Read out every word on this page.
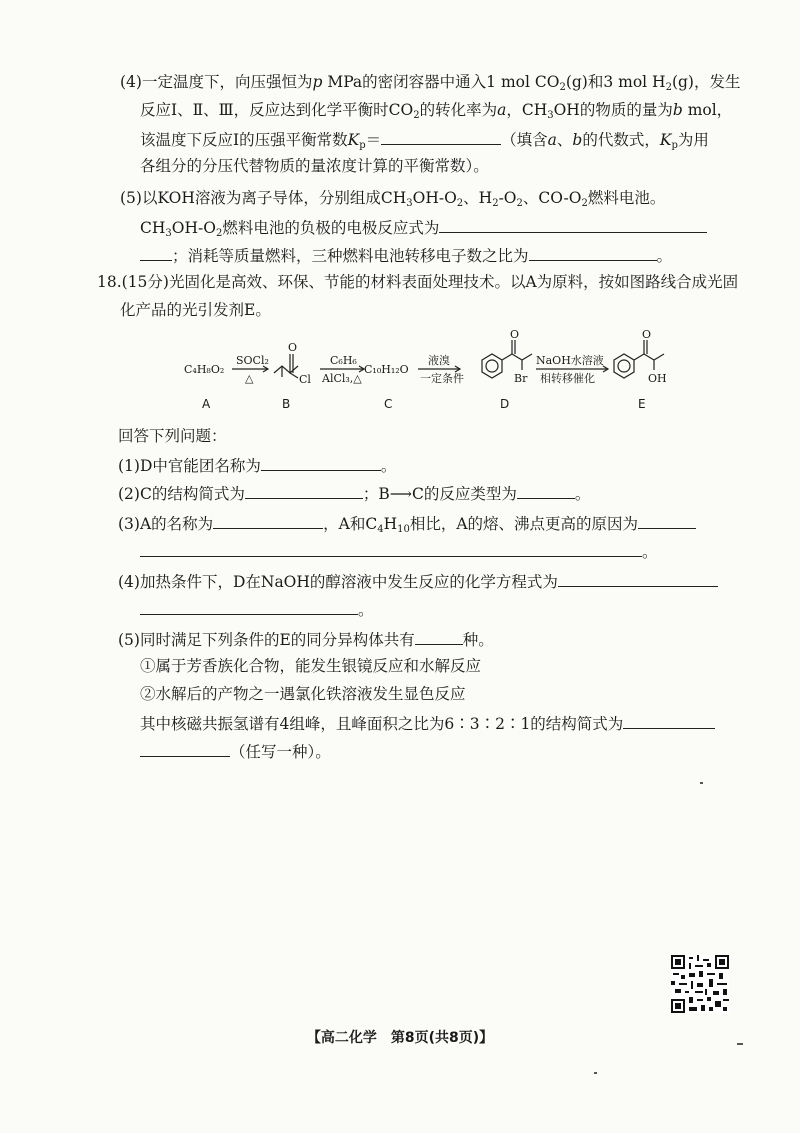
(4)一定温度下，向压强恒为p MPa的密闭容器中通入1 mol $CO_2(g)$和3 mol $H_2(g)$，发生
反应Ⅰ、Ⅱ、Ⅲ，反应达到化学平衡时$CO_2$的转化率为a，$CH_3OH$的物质的量为b mol，
该温度下反应Ⅰ的压强平衡常数$K_p=$	（填含a、b的代数式，$K_p$为用
各组分的分压代替物质的量浓度计算的平衡常数）。
(5)以KOH溶液为离子导体，分别组成$CH_3OH-O_2$、$H_2-O_2$、$CO-O_2$燃料电池。
$CH_3OH-O_2$燃料电池的负极的电极反应式为
；消耗等质量燃料，三种燃料电池转移电子数之比为	。
18.(15分)光固化是高效、环保、节能的材料表面处理技术。以A为原料，按如图路线合成光固
化产品的光引发剂E。
C₄H₈O₂
SOCl₂
△
O
Cl
C₆H₆
AlCl₃,△
C₁₀H₁₂O
液溴
一定条件
O
Br
NaOH水溶液
相转移催化
O
OH
A	B	C	D	E
回答下列问题：
(1)D中官能团名称为	。
(2)C的结构简式为	；B⟶C的反应类型为	。
(3)A的名称为	，A和$C_4H_{10}$相比，A的熔、沸点更高的原因为
。
(4)加热条件下，D在NaOH的醇溶液中发生反应的化学方程式为
。
(5)同时满足下列条件的E的同分异构体共有	种。
①属于芳香族化合物，能发生银镜反应和水解反应
②水解后的产物之一遇氯化铁溶液发生显色反应
其中核磁共振氢谱有4组峰，且峰面积之比为6∶3∶2∶1的结构简式为
（任写一种）。
【高二化学　第8页(共8页)】
